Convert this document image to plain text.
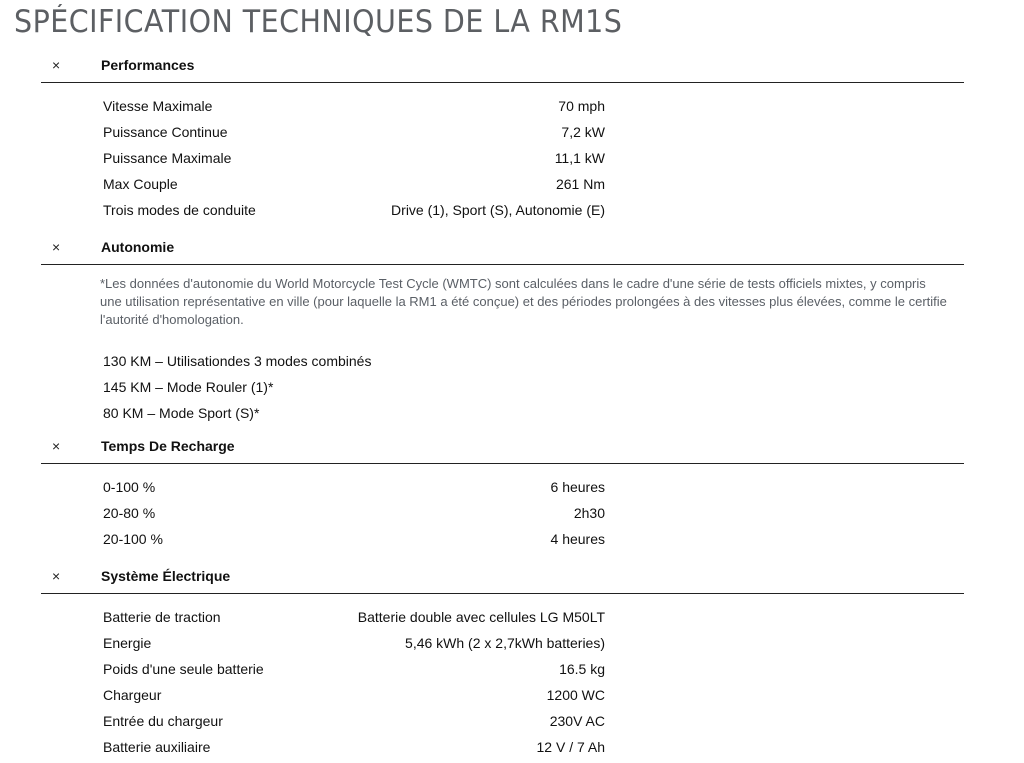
SPÉCIFICATION TECHNIQUES DE LA RM1S
×	Performances
Vitesse Maximale	70 mph
Puissance Continue	7,2 kW
Puissance Maximale	11,1 kW
Max Couple	261 Nm
Trois modes de conduite	Drive (1), Sport (S), Autonomie (E)
×	Autonomie

*Les données d'autonomie du World Motorcycle Test Cycle (WMTC) sont calculées dans le cadre d'une série de tests officiels mixtes, y compris une utilisation représentative en ville (pour laquelle la RM1 a été conçue) et des périodes prolongées à des vitesses plus élevées, comme le certifie l'autorité d'homologation.

130 KM – Utilisationdes 3 modes combinés
145 KM – Mode Rouler (1)*
80 KM – Mode Sport (S)*
×	Temps De Recharge
0-100 %	6 heures
20-80 %	2h30
20-100 %	4 heures
×	Système Électrique
Batterie de traction	Batterie double avec cellules LG M50LT
Energie	5,46 kWh (2 x 2,7kWh batteries)
Poids d'une seule batterie	16.5 kg
Chargeur	1200 WC
Entrée du chargeur	230V AC
Batterie auxiliaire	12 V / 7 Ah
